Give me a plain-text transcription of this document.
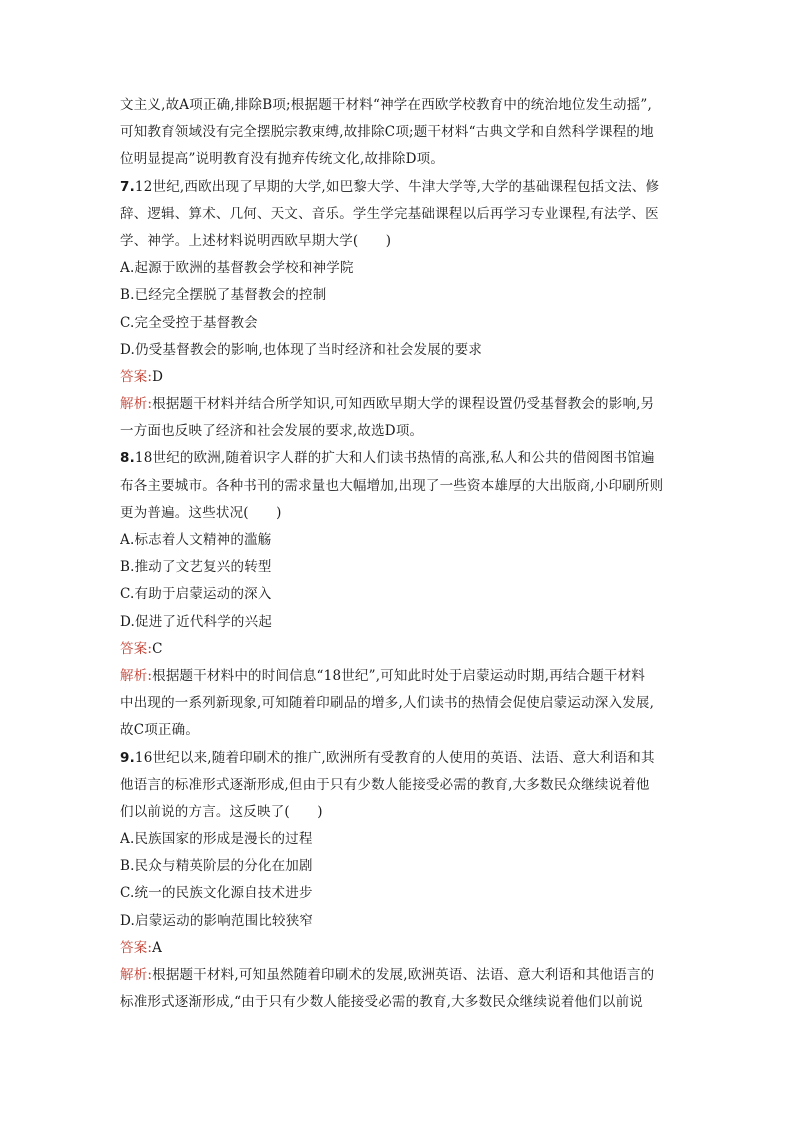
文主义,故A项正确,排除B项;根据题干材料“神学在西欧学校教育中的统治地位发生动摇”,
可知教育领域没有完全摆脱宗教束缚,故排除C项;题干材料“古典文学和自然科学课程的地
位明显提高”说明教育没有抛弃传统文化,故排除D项。
7.12世纪,西欧出现了早期的大学,如巴黎大学、牛津大学等,大学的基础课程包括文法、修
辞、逻辑、算术、几何、天文、音乐。学生学完基础课程以后再学习专业课程,有法学、医
学、神学。上述材料说明西欧早期大学(　　)
A.起源于欧洲的基督教会学校和神学院
B.已经完全摆脱了基督教会的控制
C.完全受控于基督教会
D.仍受基督教会的影响,也体现了当时经济和社会发展的要求
答案:D
解析:根据题干材料并结合所学知识,可知西欧早期大学的课程设置仍受基督教会的影响,另
一方面也反映了经济和社会发展的要求,故选D项。
8.18世纪的欧洲,随着识字人群的扩大和人们读书热情的高涨,私人和公共的借阅图书馆遍
布各主要城市。各种书刊的需求量也大幅增加,出现了一些资本雄厚的大出版商,小印刷所则
更为普遍。这些状况(　　)
A.标志着人文精神的滥觞
B.推动了文艺复兴的转型
C.有助于启蒙运动的深入
D.促进了近代科学的兴起
答案:C
解析:根据题干材料中的时间信息“18世纪”,可知此时处于启蒙运动时期,再结合题干材料
中出现的一系列新现象,可知随着印刷品的增多,人们读书的热情会促使启蒙运动深入发展,
故C项正确。
9.16世纪以来,随着印刷术的推广,欧洲所有受教育的人使用的英语、法语、意大利语和其
他语言的标准形式逐渐形成,但由于只有少数人能接受必需的教育,大多数民众继续说着他
们以前说的方言。这反映了(　　)
A.民族国家的形成是漫长的过程
B.民众与精英阶层的分化在加剧
C.统一的民族文化源自技术进步
D.启蒙运动的影响范围比较狭窄
答案:A
解析:根据题干材料,可知虽然随着印刷术的发展,欧洲英语、法语、意大利语和其他语言的
标准形式逐渐形成,“由于只有少数人能接受必需的教育,大多数民众继续说着他们以前说
